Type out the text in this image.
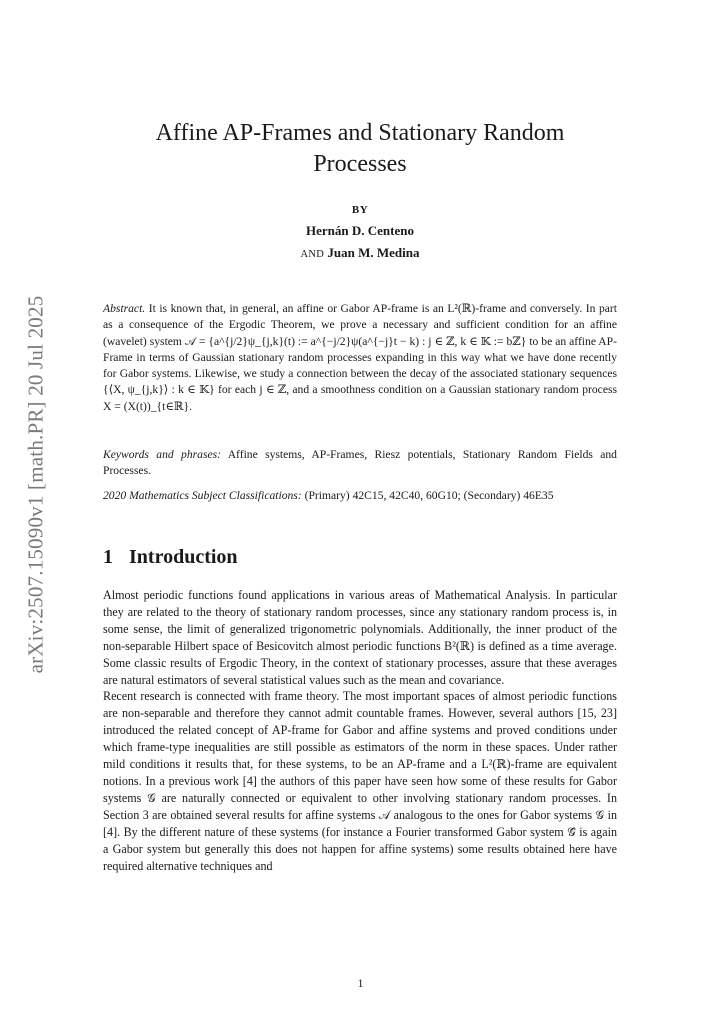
arXiv:2507.15090v1 [math.PR] 20 Jul 2025
Affine AP-Frames and Stationary Random
Processes
BY
Hernán D. Centeno
AND Juan M. Medina
Abstract. It is known that, in general, an affine or Gabor AP-frame is an L²(ℝ)-frame and conversely. In part as a consequence of the Ergodic Theorem, we prove a necessary and sufficient condition for an affine (wavelet) system 𝒜 = {a^{j/2}ψ_{j,k}(t) := a^{−j/2}ψ(a^{−j}t − k) : j ∈ ℤ, k ∈ 𝕂 := bℤ} to be an affine AP-Frame in terms of Gaussian stationary random processes expanding in this way what we have done recently for Gabor systems. Likewise, we study a connection between the decay of the associated stationary sequences {⟨X, ψ_{j,k}⟩ : k ∈ 𝕂} for each j ∈ ℤ, and a smoothness condition on a Gaussian stationary random process X = (X(t))_{t∈ℝ}.
Keywords and phrases: Affine systems, AP-Frames, Riesz potentials, Stationary Random Fields and Processes.
2020 Mathematics Subject Classifications: (Primary) 42C15, 42C40, 60G10; (Secondary) 46E35
1 Introduction
Almost periodic functions found applications in various areas of Mathematical Analysis. In particular they are related to the theory of stationary random processes, since any stationary random process is, in some sense, the limit of generalized trigonometric polynomials. Additionally, the inner product of the non-separable Hilbert space of Besicovitch almost periodic functions B²(ℝ) is defined as a time average. Some classic results of Ergodic Theory, in the context of stationary processes, assure that these averages are natural estimators of several statistical values such as the mean and covariance.
Recent research is connected with frame theory. The most important spaces of almost periodic functions are non-separable and therefore they cannot admit countable frames. However, several authors [15, 23] introduced the related concept of AP-frame for Gabor and affine systems and proved conditions under which frame-type inequalities are still possible as estimators of the norm in these spaces. Under rather mild conditions it results that, for these systems, to be an AP-frame and a L²(ℝ)-frame are equivalent notions. In a previous work [4] the authors of this paper have seen how some of these results for Gabor systems 𝒢 are naturally connected or equivalent to other involving stationary random processes. In Section 3 are obtained several results for affine systems 𝒜 analogous to the ones for Gabor systems 𝒢 in [4]. By the different nature of these systems (for instance a Fourier transformed Gabor system 𝒢̂ is again a Gabor system but generally this does not happen for affine systems) some results obtained here have required alternative techniques and
1
